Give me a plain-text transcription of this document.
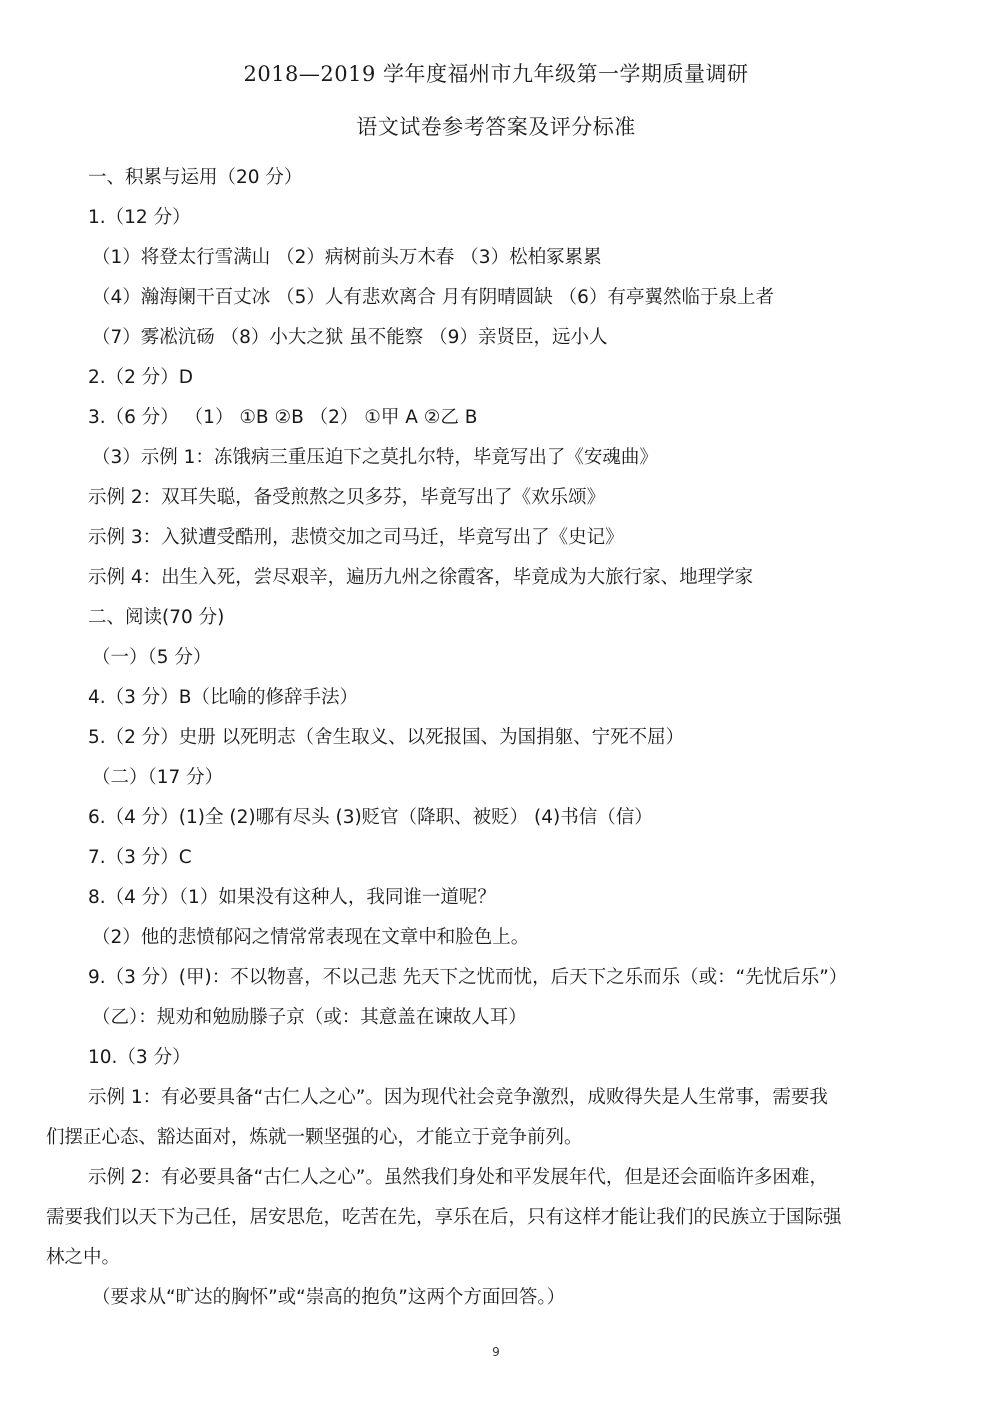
2018—2019 学年度福州市九年级第一学期质量调研
语文试卷参考答案及评分标准
一、积累与运用（20 分）
1.（12 分）
（1）将登太行雪满山 （2）病树前头万木春 （3）松柏冢累累
（4）瀚海阑干百丈冰 （5）人有悲欢离合 月有阴晴圆缺 （6）有亭翼然临于泉上者
（7）雾凇沆砀 （8）小大之狱 虽不能察 （9）亲贤臣，远小人
2.（2 分）D
3.（6 分） （1） ①B ②B （2） ①甲 A ②乙 B
（3）示例 1：冻饿病三重压迫下之莫扎尔特，毕竟写出了《安魂曲》
示例 2：双耳失聪，备受煎熬之贝多芬，毕竟写出了《欢乐颂》
示例 3：入狱遭受酷刑，悲愤交加之司马迁，毕竟写出了《史记》
示例 4：出生入死，尝尽艰辛，遍历九州之徐霞客，毕竟成为大旅行家、地理学家
二、阅读(70 分)
（一）（5 分）
4.（3 分）B（比喻的修辞手法）
5.（2 分）史册 以死明志（舍生取义、以死报国、为国捐躯、宁死不屈）
（二）（17 分）
6.（4 分）(1)全 (2)哪有尽头 (3)贬官（降职、被贬） (4)书信（信）
7.（3 分）C
8.（4 分）（1）如果没有这种人，我同谁一道呢？
（2）他的悲愤郁闷之情常常表现在文章中和脸色上。
9.（3 分）(甲)：不以物喜，不以己悲 先天下之忧而忧，后天下之乐而乐（或：“先忧后乐”）
（乙）：规劝和勉励滕子京（或：其意盖在谏故人耳）
10.（3 分）
示例 1：有必要具备“古仁人之心”。因为现代社会竞争激烈，成败得失是人生常事，需要我
们摆正心态、豁达面对，炼就一颗坚强的心，才能立于竞争前列。
示例 2：有必要具备“古仁人之心”。虽然我们身处和平发展年代，但是还会面临许多困难，
需要我们以天下为己任，居安思危，吃苦在先，享乐在后，只有这样才能让我们的民族立于国际强
林之中。
（要求从“旷达的胸怀”或“崇高的抱负”这两个方面回答。）
9
